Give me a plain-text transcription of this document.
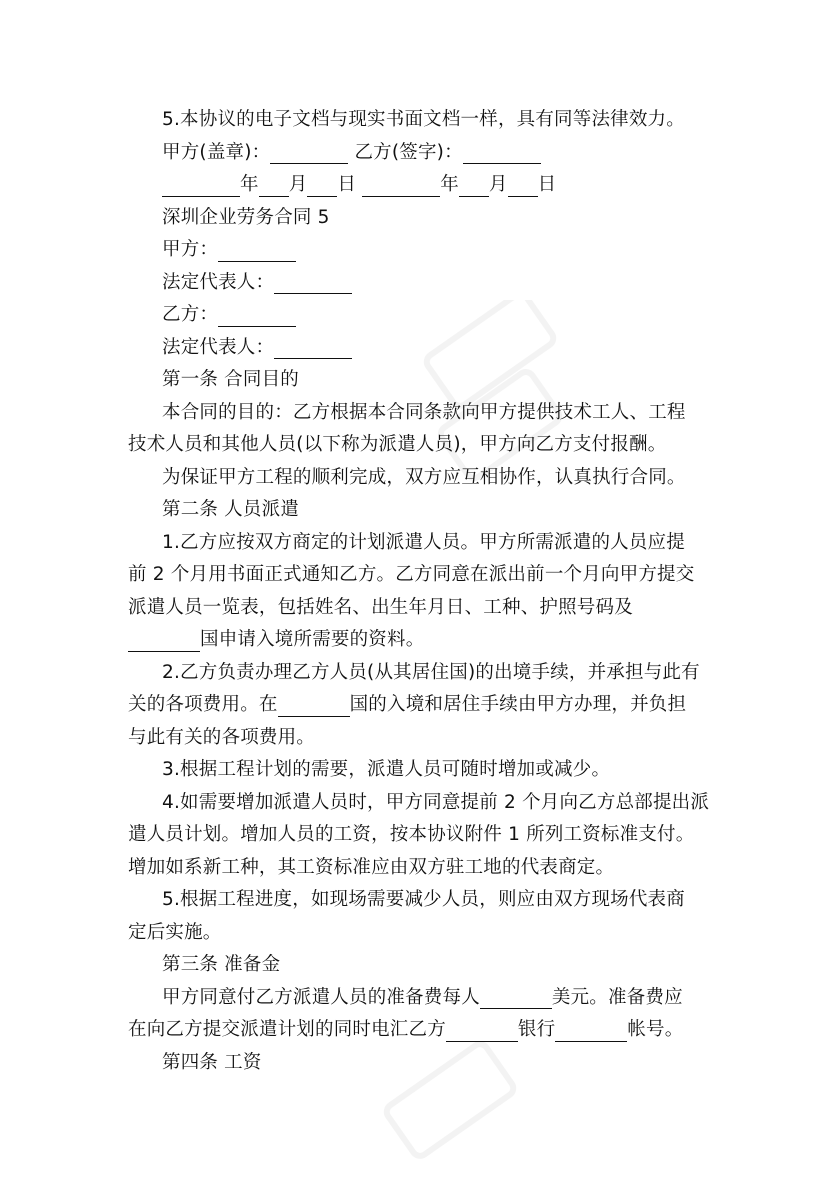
5.本协议的电子文档与现实书面文档一样，具有同等法律效力。
甲方(盖章)：	乙方(签字)：
年 月 日	年 月 日
深圳企业劳务合同 5
甲方：
法定代表人：
乙方：
法定代表人：
第一条 合同目的
本合同的目的：乙方根据本合同条款向甲方提供技术工人、工程
技术人员和其他人员(以下称为派遣人员)，甲方向乙方支付报酬。
为保证甲方工程的顺利完成，双方应互相协作，认真执行合同。
第二条 人员派遣
1.乙方应按双方商定的计划派遣人员。甲方所需派遣的人员应提
前 2 个月用书面正式通知乙方。乙方同意在派出前一个月向甲方提交
派遣人员一览表，包括姓名、出生年月日、工种、护照号码及
国申请入境所需要的资料。
2.乙方负责办理乙方人员(从其居住国)的出境手续，并承担与此有
关的各项费用。在	国的入境和居住手续由甲方办理，并负担
与此有关的各项费用。
3.根据工程计划的需要，派遣人员可随时增加或减少。
4.如需要增加派遣人员时，甲方同意提前 2 个月向乙方总部提出派
遣人员计划。增加人员的工资，按本协议附件 1 所列工资标准支付。
增加如系新工种，其工资标准应由双方驻工地的代表商定。
5.根据工程进度，如现场需要减少人员，则应由双方现场代表商
定后实施。
第三条 准备金
甲方同意付乙方派遣人员的准备费每人	美元。准备费应
在向乙方提交派遣计划的同时电汇乙方	银行	帐号。
第四条 工资
